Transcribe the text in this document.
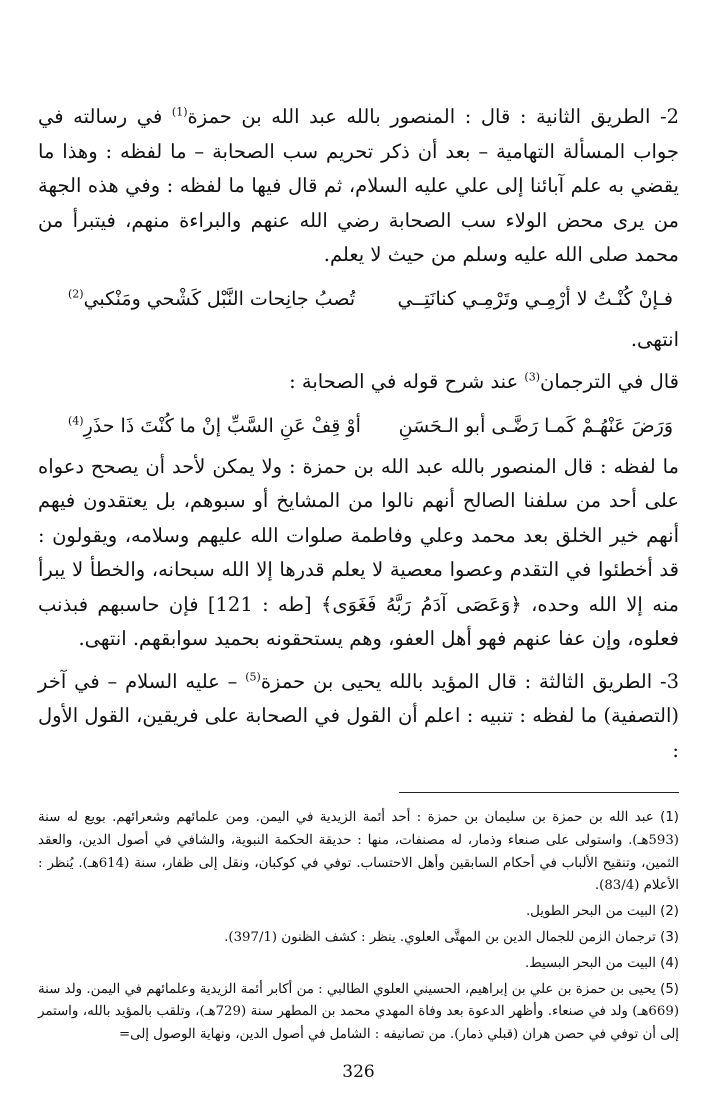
2- الطريق الثانية : قال : المنصور بالله عبد الله بن حمزة$^{(1)}$ في رسالته في جواب المسألة التهامية – بعد أن ذكر تحريم سب الصحابة – ما لفظه : وهذا ما يقضي به علم آبائنا إلى علي عليه السلام، ثم قال فيها ما لفظه : وفي هذه الجهة من يرى محض الولاء سب الصحابة رضي الله عنهم والبراءة منهم، فيتبرأ من محمد صلى الله عليه وسلم من حيث لا يعلم.

فـإنْ كُنْـتُ لا أرْمِـي وتَرْمِـي كنانَتِــي
تُصبُ جانِحات النَّبْل كَشْحي ومَنْكبي$^{(2)}$

انتهى.

قال في الترجمان$^{(3)}$ عند شرح قوله في الصحابة :

وَرَضَ عَنْهُـمْ كَمـا رَضَّـى أبو الـحَسَنِ
أوْ قِفْ عَنِ السَّبِّ إنْ ما كُنْتَ ذَا حذَرِ$^{(4)}$

ما لفظه : قال المنصور بالله عبد الله بن حمزة : ولا يمكن لأحد أن يصحح دعواه على أحد من سلفنا الصالح أنهم نالوا من المشايخ أو سبوهم، بل يعتقدون فيهم أنهم خير الخلق بعد محمد وعلي وفاطمة صلوات الله عليهم وسلامه، ويقولون : قد أخطئوا في التقدم وعصوا معصية لا يعلم قدرها إلا الله سبحانه، والخطأ لا يبرأ منه إلا الله وحده، ﴿وَعَصَى آدَمُ رَبَّهُ فَغَوَى﴾ [طه : 121] فإن حاسبهم فبذنب فعلوه، وإن عفا عنهم فهو أهل العفو، وهم يستحقونه بحميد سوابقهم. انتهى.

3- الطريق الثالثة : قال المؤيد بالله يحيى بن حمزة$^{(5)}$ – عليه السلام – في آخر (التصفية) ما لفظه : تنبيه : اعلم أن القول في الصحابة على فريقين، القول الأول :

(1) عبد الله بن حمزة بن سليمان بن حمزة : أحد أئمة الزيدية في اليمن. ومن علمائهم وشعرائهم. بويع له سنة (593هـ). واستولى على صنعاء وذمار، له مصنفات، منها : حديقة الحكمة النبوية، والشافي في أصول الدين، والعقد الثمين، وتنقيح الألباب في أحكام السابقين وأهل الاحتساب. توفي في كوكبان، ونقل إلى ظفار، سنة (614هـ). يُنظر : الأعلام (83/4).

(2) البيت من البحر الطويل.

(3) ترجمان الزمن للجمال الدين بن المهتَّى العلوي. ينظر : كشف الظنون (397/1).

(4) البيت من البحر البسيط.

(5) يحيى بن حمزة بن علي بن إبراهيم، الحسيني العلوي الطالبي : من أكابر أئمة الزيدية وعلمائهم في اليمن. ولد سنة (669هـ) ولد في صنعاء. وأظهر الدعوة بعد وفاة المهدي محمد بن المطهر سنة (729هـ)، وتلقب بالمؤيد بالله، واستمر إلى أن توفي في حصن هران (قبلي ذمار). من تصانيفه : الشامل في أصول الدين، ونهاية الوصول إلى=

326
